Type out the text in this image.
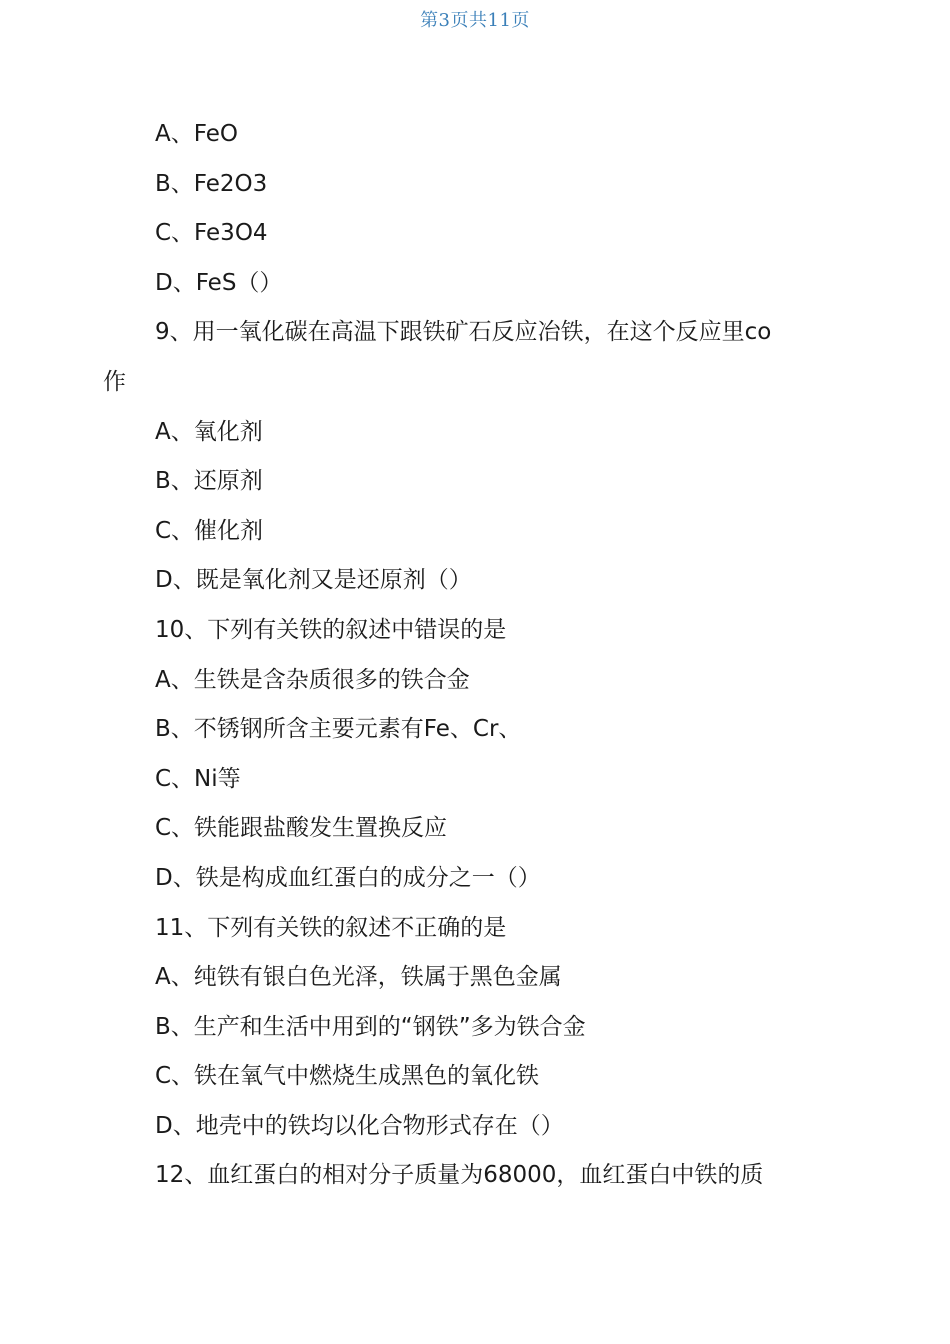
第3页共11页
A、FeO
B、Fe2O3
C、Fe3O4
D、FeS（）
9、用一氧化碳在高温下跟铁矿石反应冶铁，在这个反应里co
作
A、氧化剂
B、还原剂
C、催化剂
D、既是氧化剂又是还原剂（）
10、下列有关铁的叙述中错误的是
A、生铁是含杂质很多的铁合金
B、不锈钢所含主要元素有Fe、Cr、
C、Ni等
C、铁能跟盐酸发生置换反应
D、铁是构成血红蛋白的成分之一（）
11、下列有关铁的叙述不正确的是
A、纯铁有银白色光泽，铁属于黑色金属
B、生产和生活中用到的“钢铁”多为铁合金
C、铁在氧气中燃烧生成黑色的氧化铁
D、地壳中的铁均以化合物形式存在（）
12、血红蛋白的相对分子质量为68000，血红蛋白中铁的质
